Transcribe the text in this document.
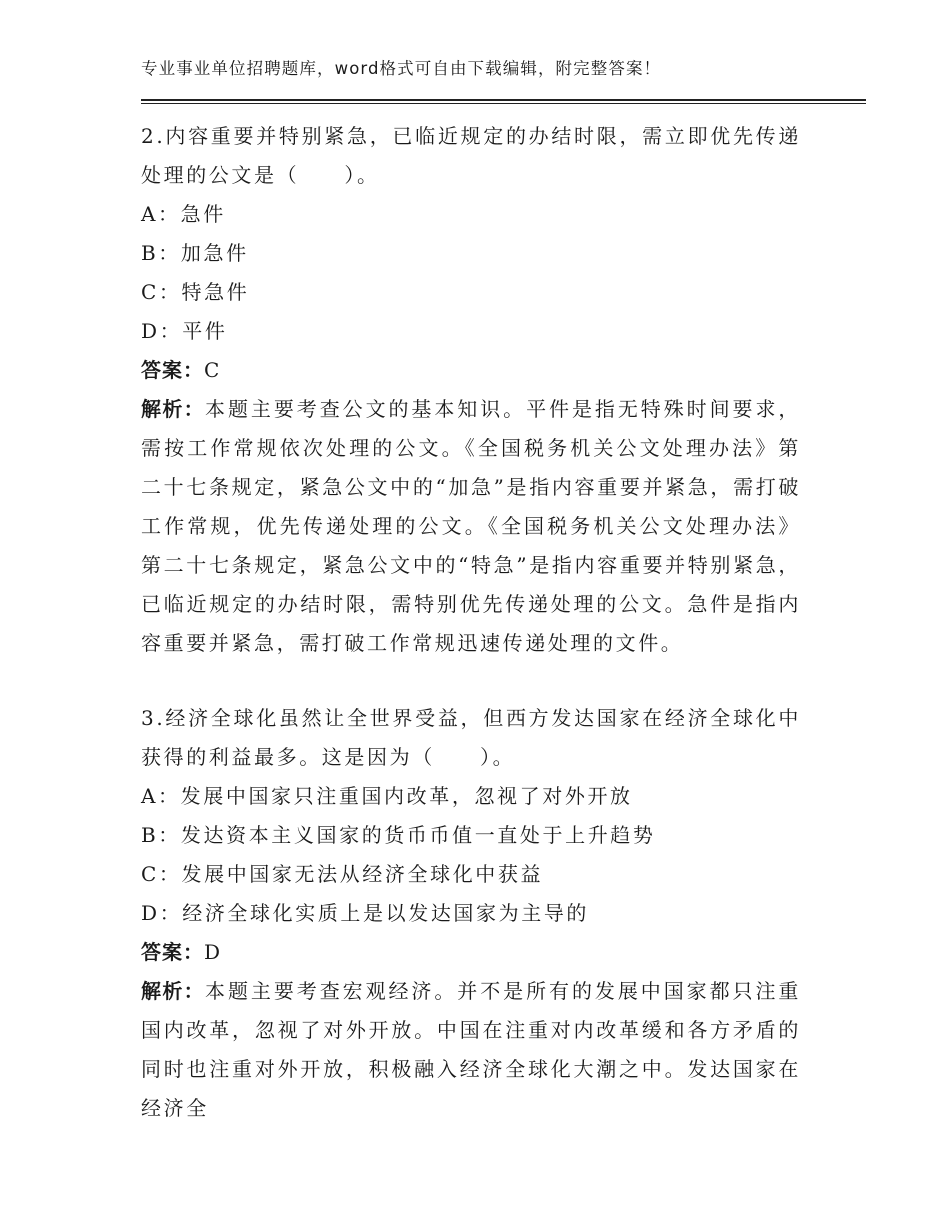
专业事业单位招聘题库，word格式可自由下载编辑，附完整答案！

2.内容重要并特别紧急，已临近规定的办结时限，需立即优先传递处理的公文是（　　）。

A：急件
B：加急件
C：特急件
D：平件
答案：C

解析：本题主要考查公文的基本知识。平件是指无特殊时间要求，需按工作常规依次处理的公文。《全国税务机关公文处理办法》第二十七条规定，紧急公文中的“加急”是指内容重要并紧急，需打破工作常规，优先传递处理的公文。《全国税务机关公文处理办法》第二十七条规定，紧急公文中的“特急”是指内容重要并特别紧急，已临近规定的办结时限，需特别优先传递处理的公文。急件是指内容重要并紧急，需打破工作常规迅速传递处理的文件。

3.经济全球化虽然让全世界受益，但西方发达国家在经济全球化中获得的利益最多。这是因为（　　）。

A：发展中国家只注重国内改革，忽视了对外开放
B：发达资本主义国家的货币币值一直处于上升趋势
C：发展中国家无法从经济全球化中获益
D：经济全球化实质上是以发达国家为主导的
答案：D

解析：本题主要考查宏观经济。并不是所有的发展中国家都只注重国内改革，忽视了对外开放。中国在注重对内改革缓和各方矛盾的同时也注重对外开放，积极融入经济全球化大潮之中。发达国家在经济全
